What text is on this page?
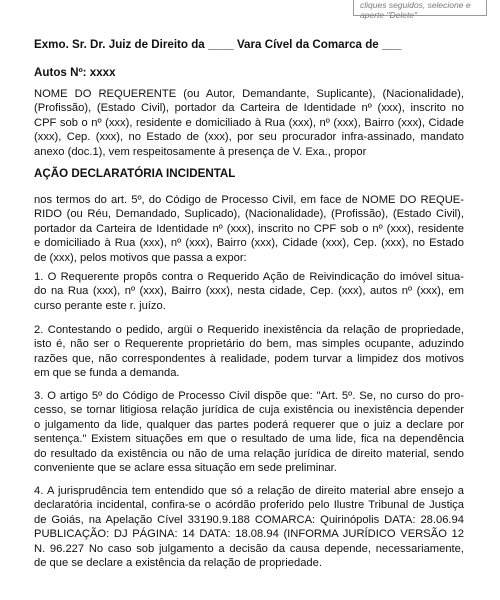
cliques seguidos, selecione e
aperte "Delete"
Exmo. Sr. Dr. Juiz de Direito da ____ Vara Cível da Comarca de ___
Autos Nº: xxxx
NOME DO REQUERENTE (ou Autor, Demandante, Suplicante), (Nacionalidade),
(Profissão), (Estado Civil), portador da Carteira de Identidade nº (xxx), inscrito no
CPF sob o nº (xxx), residente e domiciliado à Rua (xxx), nº (xxx), Bairro (xxx), Cidade
(xxx), Cep. (xxx), no Estado de (xxx), por seu procurador infra-assinado, mandato
anexo (doc.1), vem respeitosamente à presença de V. Exa., propor
AÇÃO DECLARATÓRIA INCIDENTAL
nos termos do art. 5º, do Código de Processo Civil, em face de NOME DO REQUE-
RIDO (ou Réu, Demandado, Suplicado), (Nacionalidade), (Profissão), (Estado Civil),
portador da Carteira de Identidade nº (xxx), inscrito no CPF sob o nº (xxx), residente
e domiciliado à Rua (xxx), nº (xxx), Bairro (xxx), Cidade (xxx), Cep. (xxx), no Estado
de (xxx), pelos motivos que passa a expor:
1. O Requerente propôs contra o Requerido Ação de Reivindicação do imóvel situa-
do na Rua (xxx), nº (xxx), Bairro (xxx), nesta cidade, Cep. (xxx), autos nº (xxx), em
curso perante este r. juízo.
2. Contestando o pedido, argüi o Requerido inexistência da relação de propriedade,
isto é, não ser o Requerente proprietário do bem, mas simples ocupante, aduzindo
razões que, não correspondentes à realidade, podem turvar a limpidez dos motivos
em que se funda a demanda.
3. O artigo 5º do Código de Processo Civil dispõe que: "Art. 5º. Se, no curso do pro-
cesso, se tornar litigiosa relação jurídica de cuja existência ou inexistência depender
o julgamento da lide, qualquer das partes poderá requerer que o juiz a declare por
sentença." Existem situações em que o resultado de uma lide, fica na dependência
do resultado da existência ou não de uma relação jurídica de direito material, sendo
conveniente que se aclare essa situação em sede preliminar.
4. A jurisprudência tem entendido que só a relação de direito material abre ensejo a
declaratória incidental, confira-se o acórdão proferido pelo Ilustre Tribunal de Justiça
de Goiás, na Apelação Cível 33190.9.188 COMARCA: Quirinópolis DATA: 28.06.94
PUBLICAÇÃO: DJ PÁGINA: 14 DATA: 18.08.94 (INFORMA JURÍDICO VERSÃO 12
N. 96.227 No caso sob julgamento a decisão da causa depende, necessariamente,
de que se declare a existência da relação de propriedade.
